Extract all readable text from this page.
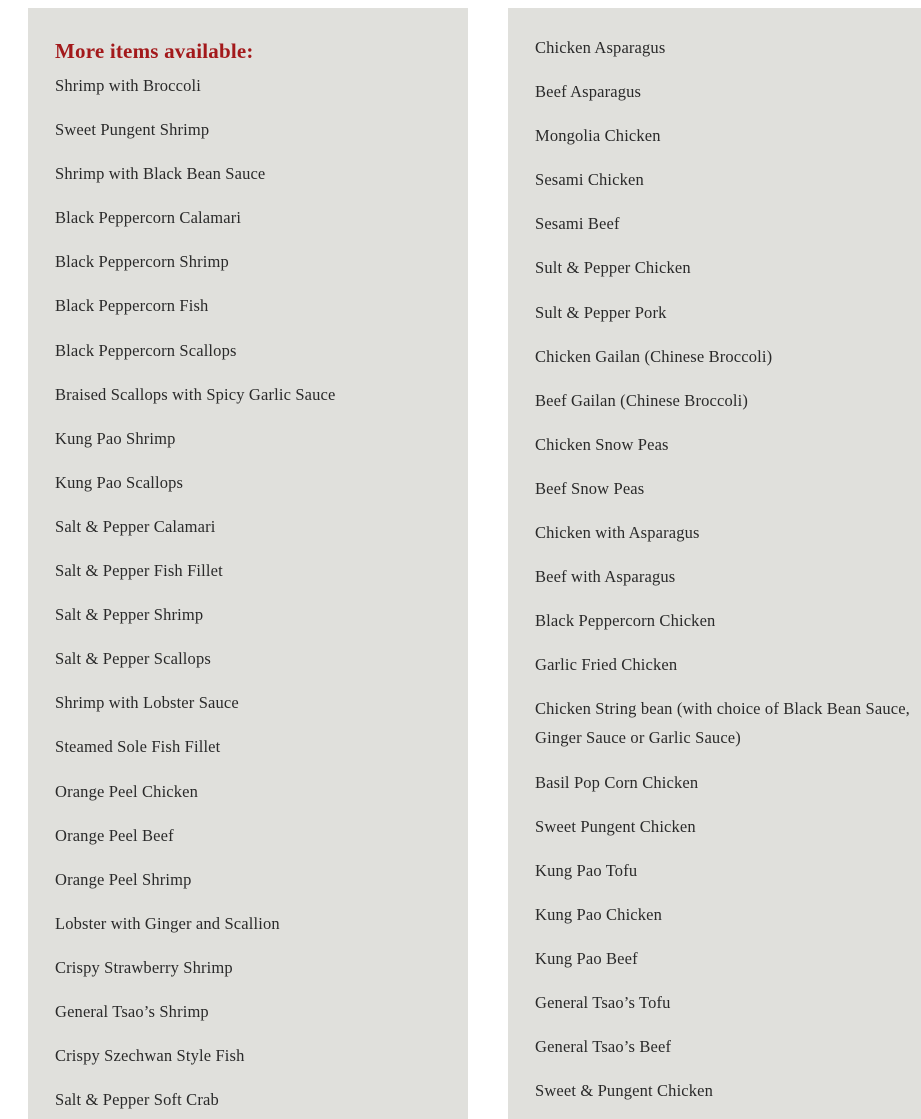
More items available:
Shrimp with Broccoli
Sweet Pungent Shrimp
Shrimp with Black Bean Sauce
Black Peppercorn Calamari
Black Peppercorn Shrimp
Black Peppercorn Fish
Black Peppercorn Scallops
Braised Scallops with Spicy Garlic Sauce
Kung Pao Shrimp
Kung Pao Scallops
Salt & Pepper Calamari
Salt & Pepper Fish Fillet
Salt & Pepper Shrimp
Salt & Pepper Scallops
Shrimp with Lobster Sauce
Steamed Sole Fish Fillet
Orange Peel Chicken
Orange Peel Beef
Orange Peel Shrimp
Lobster with Ginger and Scallion
Crispy Strawberry Shrimp
General Tsao’s Shrimp
Crispy Szechwan Style Fish
Salt & Pepper Soft Crab
Chicken Asparagus
Beef Asparagus
Mongolia Chicken
Sesami Chicken
Sesami Beef
Sult & Pepper Chicken
Sult & Pepper Pork
Chicken Gailan (Chinese Broccoli)
Beef Gailan (Chinese Broccoli)
Chicken Snow Peas
Beef Snow Peas
Chicken with Asparagus
Beef with Asparagus
Black Peppercorn Chicken
Garlic Fried Chicken
Chicken String bean (with choice of Black Bean Sauce, Ginger Sauce or Garlic Sauce)
Basil Pop Corn Chicken
Sweet Pungent Chicken
Kung Pao Tofu
Kung Pao Chicken
Kung Pao Beef
General Tsao’s Tofu
General Tsao’s Beef
Sweet & Pungent Chicken
